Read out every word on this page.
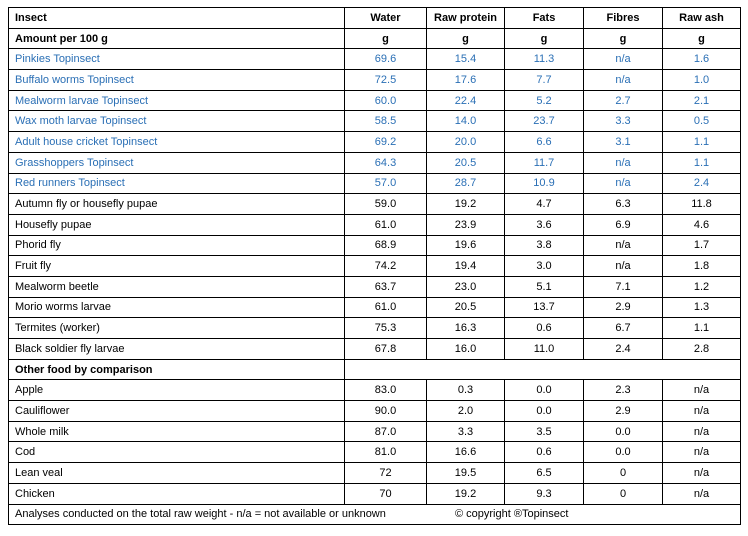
Insect	Water	Raw protein	Fats	Fibres	Raw ash
Amount per 100 g	g	g	g	g	g
Pinkies Topinsect	69.6	15.4	11.3	n/a	1.6
Buffalo worms Topinsect	72.5	17.6	7.7	n/a	1.0
Mealworm larvae Topinsect	60.0	22.4	5.2	2.7	2.1
Wax moth larvae Topinsect	58.5	14.0	23.7	3.3	0.5
Adult house cricket Topinsect	69.2	20.0	6.6	3.1	1.1
Grasshoppers Topinsect	64.3	20.5	11.7	n/a	1.1
Red runners Topinsect	57.0	28.7	10.9	n/a	2.4
Autumn fly or housefly pupae	59.0	19.2	4.7	6.3	11.8
Housefly pupae	61.0	23.9	3.6	6.9	4.6
Phorid fly	68.9	19.6	3.8	n/a	1.7
Fruit fly	74.2	19.4	3.0	n/a	1.8
Mealworm beetle	63.7	23.0	5.1	7.1	1.2
Morio worms larvae	61.0	20.5	13.7	2.9	1.3
Termites (worker)	75.3	16.3	0.6	6.7	1.1
Black soldier fly larvae	67.8	16.0	11.0	2.4	2.8
Other food by comparison					
Apple	83.0	0.3	0.0	2.3	n/a
Cauliflower	90.0	2.0	0.0	2.9	n/a
Whole milk	87.0	3.3	3.5	0.0	n/a
Cod	81.0	16.6	0.6	0.0	n/a
Lean veal	72	19.5	6.5	0	n/a
Chicken	70	19.2	9.3	0	n/a
Analyses conducted on the total raw weight - n/a = not available or unknown © copyright ®Topinsect					
